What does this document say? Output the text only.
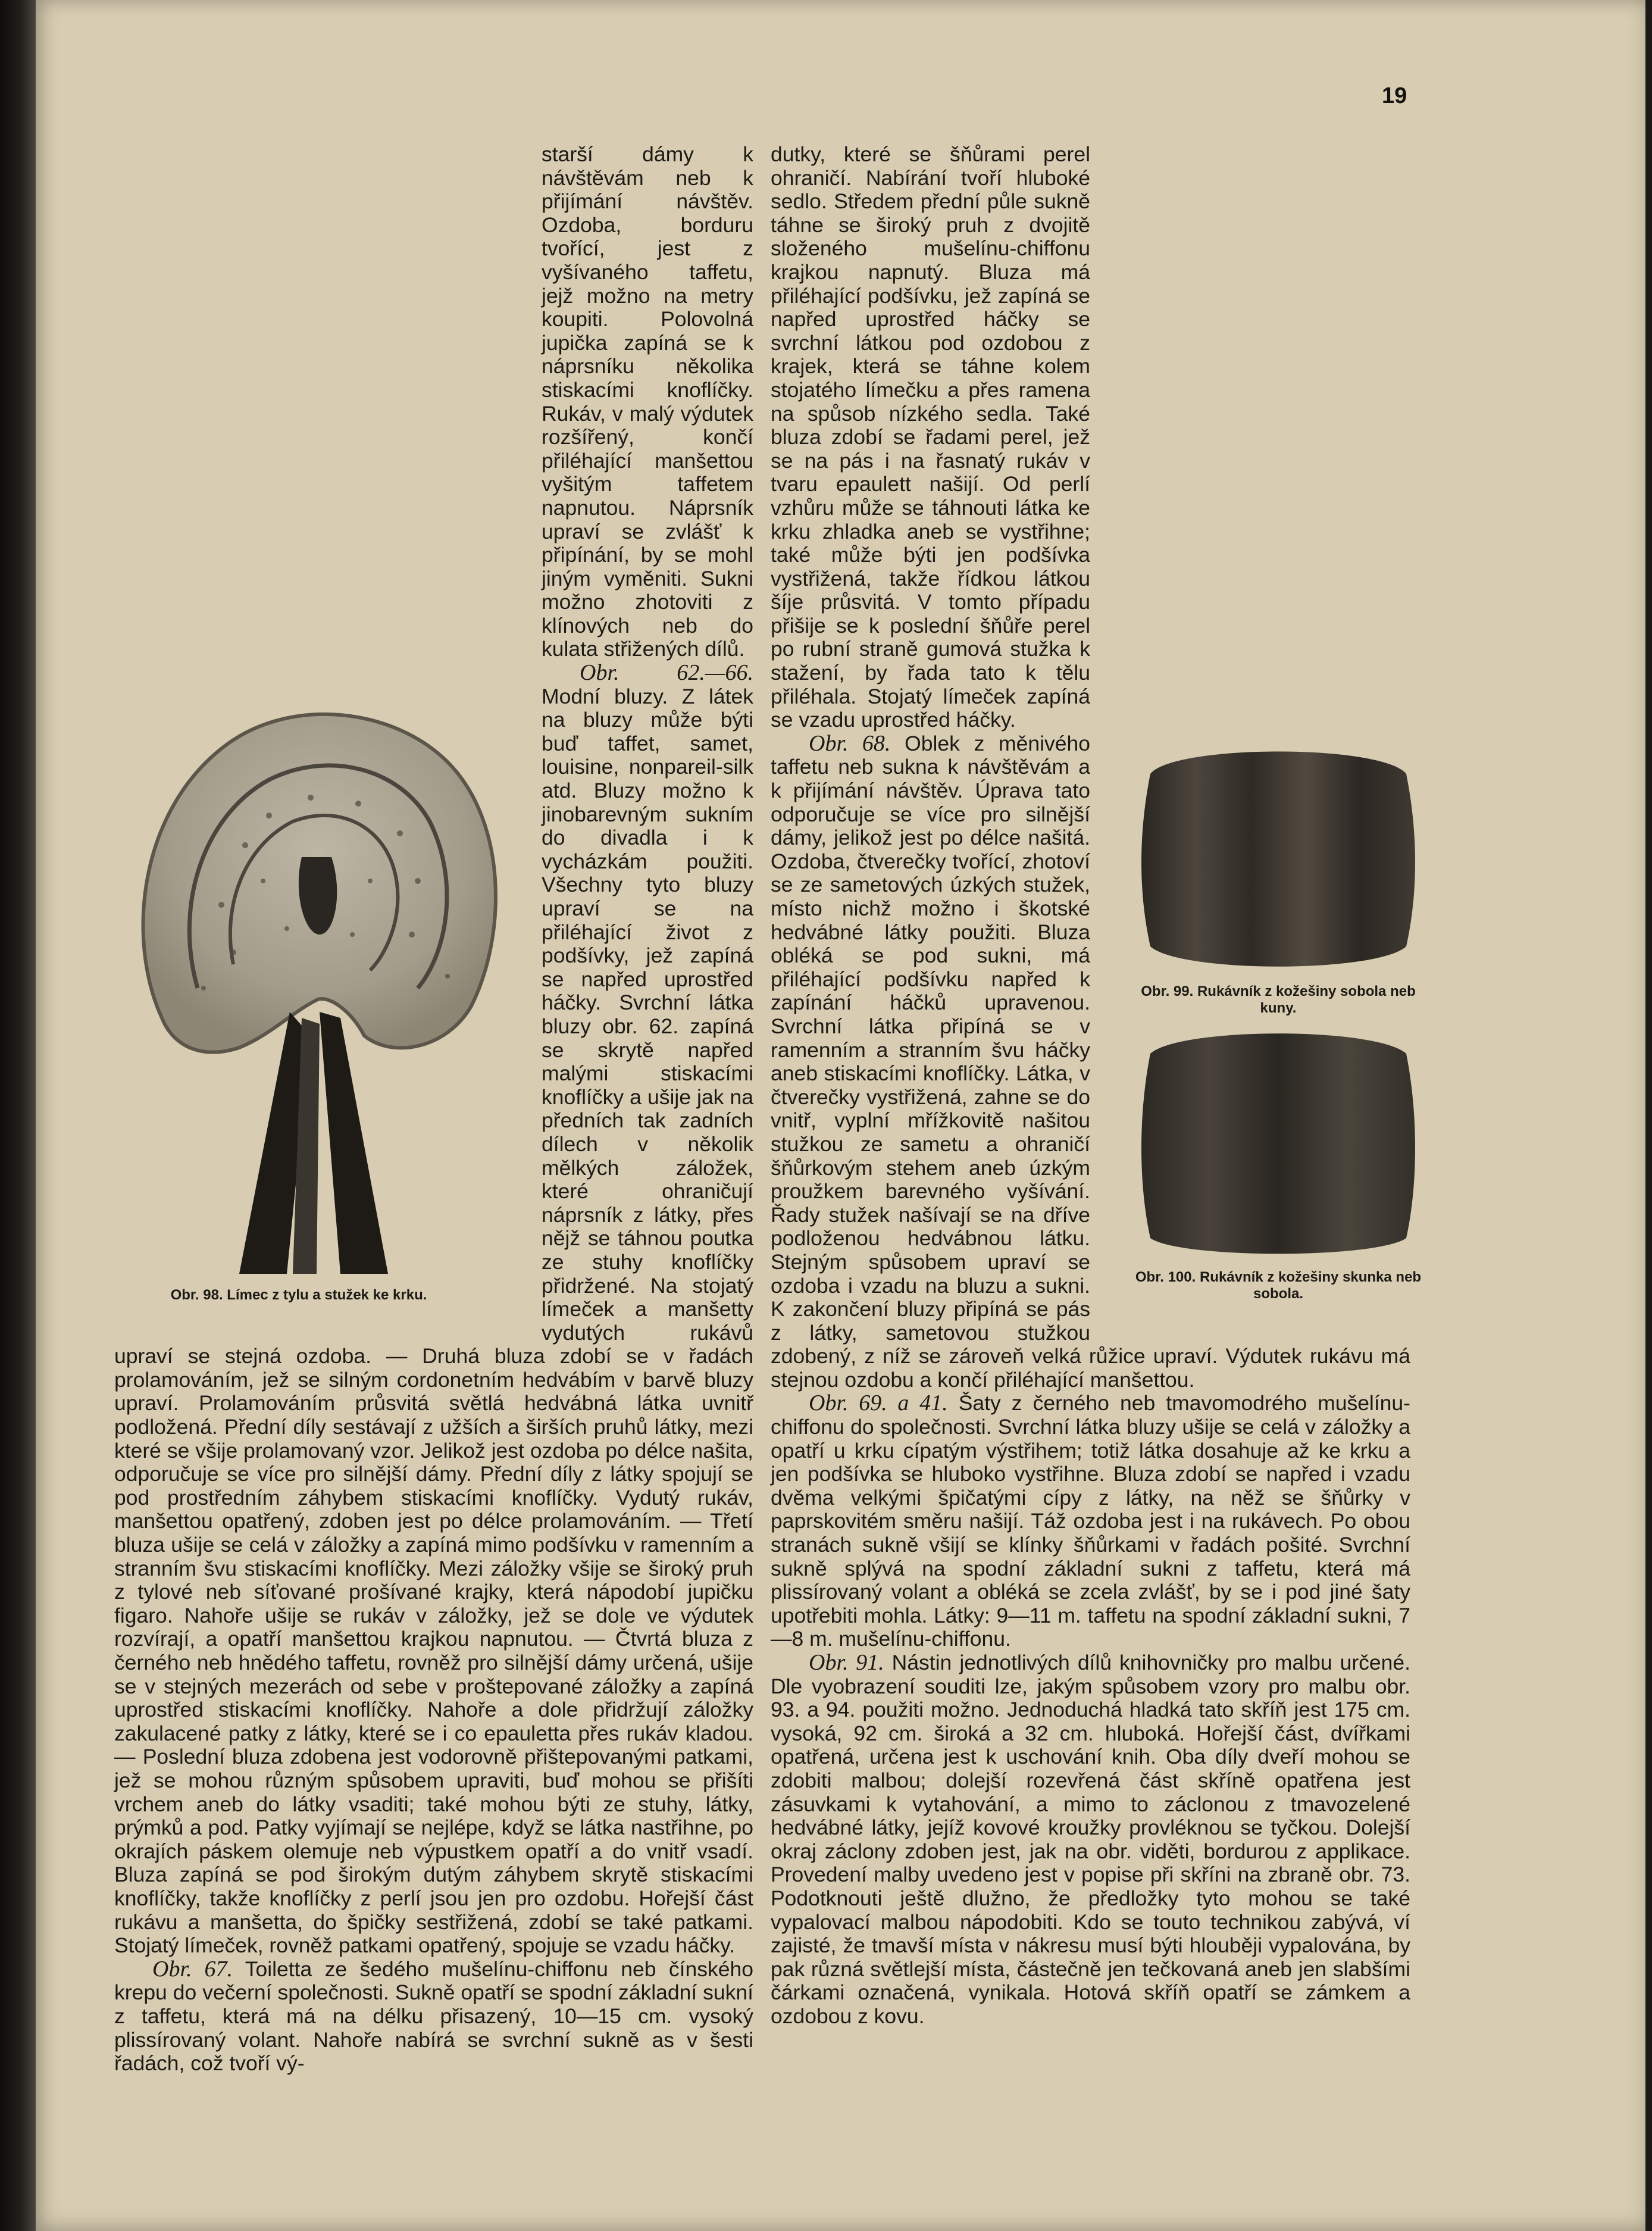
19

starší dámy k návštěvám neb k přijímání návštěv. Ozdoba, borduru tvořící, jest z vyšívaného taffetu, jejž možno na metry koupiti. Polovolná jupička zapíná se k náprsníku několika stiskacími knoflíčky. Rukáv, v malý výdutek rozšířený, končí přiléhající manšettou vyšitým taffetem napnutou. Náprsník upraví se zvlášť k připínání, by se mohl jiným vyměniti. Sukni možno zhotoviti z klínových neb do kulata střižených dílů.

Obr. 62.—66. Modní bluzy. Z látek na bluzy může býti buď taffet, samet, louisine, nonpareil-silk atd. Bluzy možno k jinobarevným sukním do divadla i k vycházkám použiti. Všechny tyto bluzy upraví se na přiléhající život z podšívky, jež zapíná se napřed uprostřed háčky. Svrchní látka bluzy obr. 62. zapíná se skrytě napřed malými stiskacími knoflíčky a ušije jak na předních tak zadních dílech v několik mělkých záložek, které ohraničují náprsník z látky, přes nějž se táhnou poutka ze stuhy knoflíčky přidržené. Na stojatý límeček a manšetty vydutých rukávů upraví se stejná ozdoba. — Druhá bluza zdobí se v řadách prolamováním, jež se silným cordonetním hedvábím v barvě bluzy upraví. Prolamováním průsvitá světlá hedvábná látka uvnitř podložená. Přední díly sestávají z užších a širších pruhů látky, mezi které se všije prolamovaný vzor. Jelikož jest ozdoba po délce našita, odporučuje se více pro silnější dámy. Přední díly z látky spojují se pod prostředním záhybem stiskacími knoflíčky. Vydutý rukáv, manšettou opatřený, zdoben jest po délce prolamováním. — Třetí bluza ušije se celá v záložky a zapíná mimo podšívku v ramenním a stranním švu stiskacími knoflíčky. Mezi záložky všije se široký pruh z tylové neb síťované prošívané krajky, která nápodobí jupičku figaro. Nahoře ušije se rukáv v záložky, jež se dole ve výdutek rozvírají, a opatří manšettou krajkou napnutou. — Čtvrtá bluza z černého neb hnědého taffetu, rovněž pro silnější dámy určená, ušije se v stejných mezerách od sebe v proštepované záložky a zapíná uprostřed stiskacími knoflíčky. Nahoře a dole přidržují záložky zakulacené patky z látky, které se i co epauletta přes rukáv kladou. — Poslední bluza zdobena jest vodorovně přištepovanými patkami, jež se mohou různým spůsobem upraviti, buď mohou se přišíti vrchem aneb do látky vsaditi; také mohou býti ze stuhy, látky, prýmků a pod. Patky vyjímají se nejlépe, když se látka nastřihne, po okrajích páskem olemuje neb výpustkem opatří a do vnitř vsadí. Bluza zapíná se pod širokým dutým záhybem skrytě stiskacími knoflíčky, takže knoflíčky z perlí jsou jen pro ozdobu. Hořejší část rukávu a manšetta, do špičky sestřižená, zdobí se také patkami. Stojatý límeček, rovněž patkami opatřený, spojuje se vzadu háčky.

Obr. 67. Toiletta ze šedého mušelínu-chiffonu neb čínského krepu do večerní společnosti. Sukně opatří se spodní základní sukní z taffetu, která má na délku přisazený, 10—15 cm. vysoký plissírovaný volant. Nahoře nabírá se svrchní sukně as v šesti řadách, což tvoří vý-

Obr. 98. Límec z tylu a stužek ke krku.
Obr. 99. Rukávník z kožešiny sobola neb kuny.
Obr. 100. Rukávník z kožešiny skunka neb sobola.

dutky, které se šňůrami perel ohraničí. Nabírání tvoří hluboké sedlo. Středem přední půle sukně táhne se široký pruh z dvojitě složeného mušelínu-chiffonu krajkou napnutý. Bluza má přiléhající podšívku, jež zapíná se napřed uprostřed háčky se svrchní látkou pod ozdobou z krajek, která se táhne kolem stojatého límečku a přes ramena na spůsob nízkého sedla. Také bluza zdobí se řadami perel, jež se na pás i na řasnatý rukáv v tvaru epaulett našijí. Od perlí vzhůru může se táhnouti látka ke krku zhladka aneb se vystřihne; také může býti jen podšívka vystřižená, takže řídkou látkou šíje průsvitá. V tomto případu přišije se k poslední šňůře perel po rubní straně gumová stužka k stažení, by řada tato k tělu přiléhala. Stojatý límeček zapíná se vzadu uprostřed háčky.

Obr. 68. Oblek z měnivého taffetu neb sukna k návštěvám a k přijímání návštěv. Úprava tato odporučuje se více pro silnější dámy, jelikož jest po délce našitá. Ozdoba, čtverečky tvořící, zhotoví se ze sametových úzkých stužek, místo nichž možno i škotské hedvábné látky použiti. Bluza obléká se pod sukni, má přiléhající podšívku napřed k zapínání háčků upravenou. Svrchní látka připíná se v ramenním a stranním švu háčky aneb stiskacími knoflíčky. Látka, v čtverečky vystřižená, zahne se do vnitř, vyplní mřížkovitě našitou stužkou ze sametu a ohraničí šňůrkovým stehem aneb úzkým proužkem barevného vyšívání. Řady stužek našívají se na dříve podloženou hedvábnou látku. Stejným spůsobem upraví se ozdoba i vzadu na bluzu a sukni. K zakončení bluzy připíná se pás z látky, sametovou stužkou zdobený, z níž se zároveň velká růžice upraví. Výdutek rukávu má stejnou ozdobu a končí přiléhající manšettou.

Obr. 69. a 41. Šaty z černého neb tmavomodrého mušelínu-chiffonu do společnosti. Svrchní látka bluzy ušije se celá v záložky a opatří u krku cípatým výstřihem; totiž látka dosahuje až ke krku a jen podšívka se hluboko vystřihne. Bluza zdobí se napřed i vzadu dvěma velkými špičatými cípy z látky, na něž se šňůrky v paprskovitém směru našijí. Táž ozdoba jest i na rukávech. Po obou stranách sukně všijí se klínky šňůrkami v řadách pošité. Svrchní sukně splývá na spodní základní sukni z taffetu, která má plissírovaný volant a obléká se zcela zvlášť, by se i pod jiné šaty upotřebiti mohla. Látky: 9—11 m. taffetu na spodní základní sukni, 7—8 m. mušelínu-chiffonu.

Obr. 91. Nástin jednotlivých dílů knihovničky pro malbu určené. Dle vyobrazení souditi lze, jakým spůsobem vzory pro malbu obr. 93. a 94. použiti možno. Jednoduchá hladká tato skříň jest 175 cm. vysoká, 92 cm. široká a 32 cm. hluboká. Hořejší část, dvířkami opatřená, určena jest k uschování knih. Oba díly dveří mohou se zdobiti malbou; dolejší rozevřená část skříně opatřena jest zásuvkami k vytahování, a mimo to záclonou z tmavozelené hedvábné látky, jejíž kovové kroužky provléknou se tyčkou. Dolejší okraj záclony zdoben jest, jak na obr. viděti, bordurou z applikace. Provedení malby uvedeno jest v popise při skříni na zbraně obr. 73. Podotknouti ještě dlužno, že předložky tyto mohou se také vypalovací malbou nápodobiti. Kdo se touto technikou zabývá, ví zajisté, že tmavší místa v nákresu musí býti hlouběji vypalována, by pak různá světlejší místa, částečně jen tečkovaná aneb jen slabšími čárkami označená, vynikala. Hotová skříň opatří se zámkem a ozdobou z kovu.
